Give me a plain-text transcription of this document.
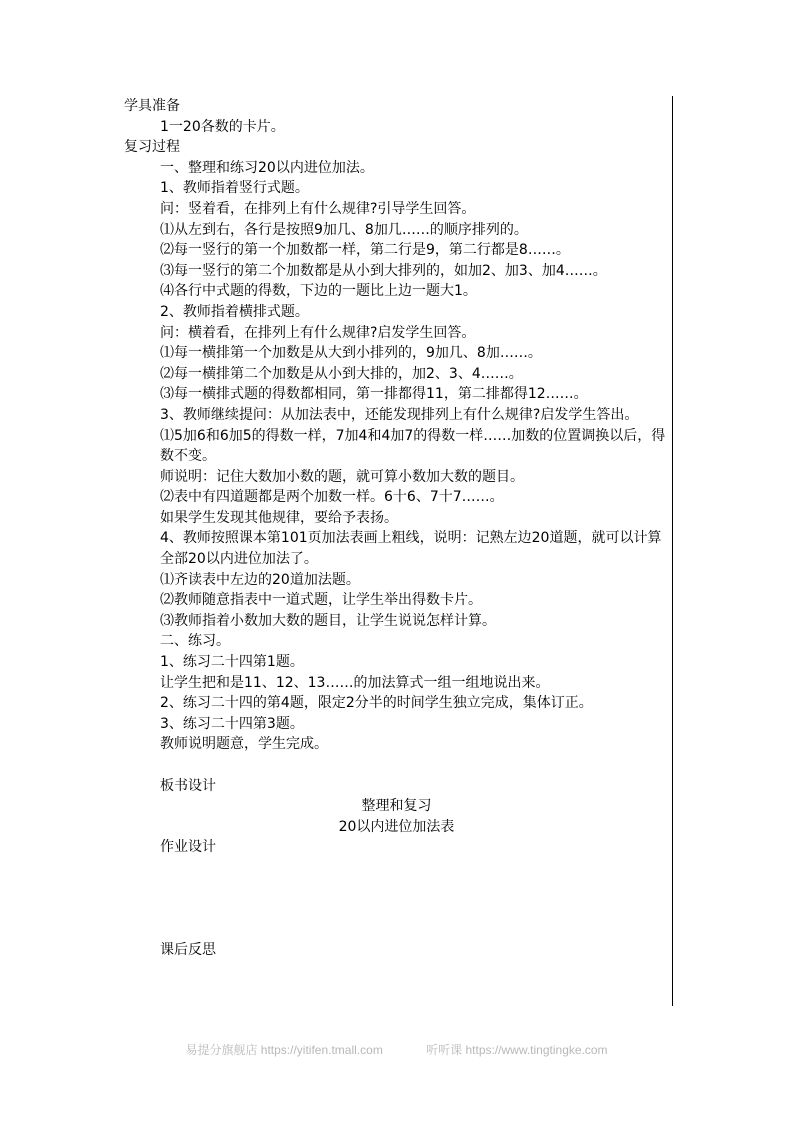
学具准备
1一20各数的卡片。
复习过程
一、整理和练习20以内进位加法。
1、教师指着竖行式题。
问：竖着看，在排列上有什么规律?引导学生回答。
⑴从左到右，各行是按照9加几、8加几……的顺序排列的。
⑵每一竖行的第一个加数都一样，第二行是9，第二行都是8……。
⑶每一竖行的第二个加数都是从小到大排列的，如加2、加3、加4……。
⑷各行中式题的得数，下边的一题比上边一题大1。
2、教师指着横排式题。
问：横着看，在排列上有什么规律?启发学生回答。
⑴每一横排第一个加数是从大到小排列的，9加几、8加……。
⑵每一横排第二个加数是从小到大排的，加2、3、4……。
⑶每一横排式题的得数都相同，第一排都得11，第二排都得12……。
3、教师继续提问：从加法表中，还能发现排列上有什么规律?启发学生答出。
⑴5加6和6加5的得数一样，7加4和4加7的得数一样……加数的位置调换以后，得数不变。
师说明：记住大数加小数的题，就可算小数加大数的题目。
⑵表中有四道题都是两个加数一样。6十6、7十7……。
如果学生发现其他规律，要给予表扬。
4、教师按照课本第101页加法表画上粗线，说明：记熟左边20道题，就可以计算全部20以内进位加法了。
⑴齐读表中左边的20道加法题。
⑵教师随意指表中一道式题，让学生举出得数卡片。
⑶教师指着小数加大数的题目，让学生说说怎样计算。
二、练习。
1、练习二十四第1题。
让学生把和是11、12、13……的加法算式一组一组地说出来。
2、练习二十四的第4题，限定2分半的时间学生独立完成，集体订正。
3、练习二十四第3题。
教师说明题意，学生完成。
板书设计
整理和复习
20以内进位加法表
作业设计
课后反思
易提分旗舰店 https://yitifen.tmall.com	听听课 https://www.tingtingke.com
